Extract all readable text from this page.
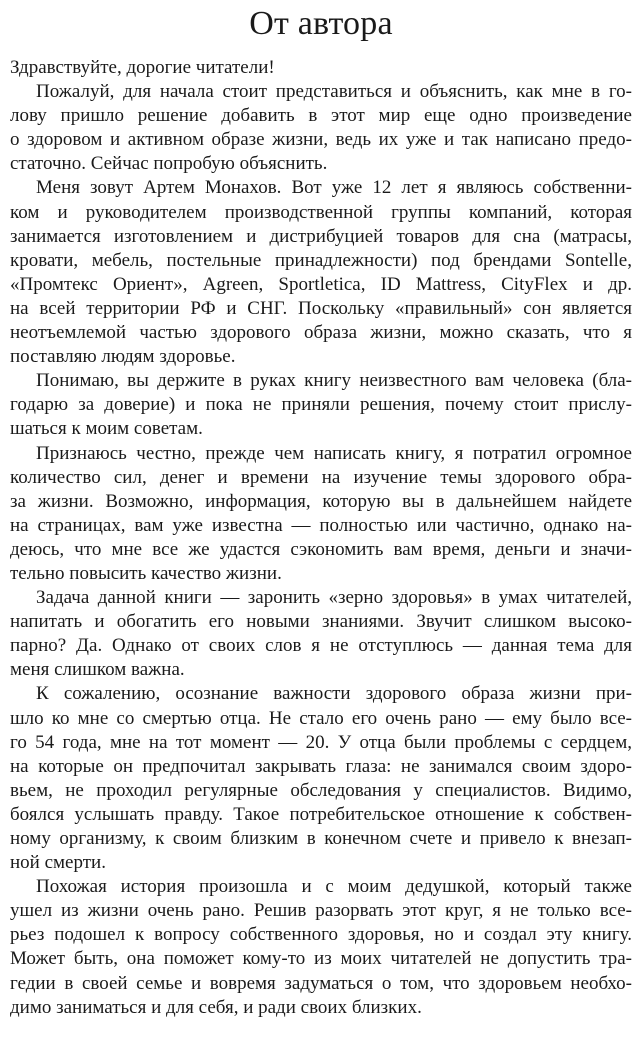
От автора
Здравствуйте, дорогие читатели!
Пожалуй, для начала стоит представиться и объяснить, как мне в го-
лову пришло решение добавить в этот мир еще одно произведение
о здоровом и активном образе жизни, ведь их уже и так написано предо-
статочно. Сейчас попробую объяснить.
Меня зовут Артем Монахов. Вот уже 12 лет я являюсь собственни-
ком и руководителем производственной группы компаний, которая
занимается изготовлением и дистрибуцией товаров для сна (матрасы,
кровати, мебель, постельные принадлежности) под брендами Sontelle,
«Промтекс Ориент», Agreen, Sportletica, ID Mattress, CityFlex и др.
на всей территории РФ и СНГ. Поскольку «правильный» сон является
неотъемлемой частью здорового образа жизни, можно сказать, что я
поставляю людям здоровье.
Понимаю, вы держите в руках книгу неизвестного вам человека (бла-
годарю за доверие) и пока не приняли решения, почему стоит прислу-
шаться к моим советам.
Признаюсь честно, прежде чем написать книгу, я потратил огромное
количество сил, денег и времени на изучение темы здорового обра-
за жизни. Возможно, информация, которую вы в дальнейшем найдете
на страницах, вам уже известна — полностью или частично, однако на-
деюсь, что мне все же удастся сэкономить вам время, деньги и значи-
тельно повысить качество жизни.
Задача данной книги — заронить «зерно здоровья» в умах читателей,
напитать и обогатить его новыми знаниями. Звучит слишком высоко-
парно? Да. Однако от своих слов я не отступлюсь — данная тема для
меня слишком важна.
К сожалению, осознание важности здорового образа жизни при-
шло ко мне со смертью отца. Не стало его очень рано — ему было все-
го 54 года, мне на тот момент — 20. У отца были проблемы с сердцем,
на которые он предпочитал закрывать глаза: не занимался своим здоро-
вьем, не проходил регулярные обследования у специалистов. Видимо,
боялся услышать правду. Такое потребительское отношение к собствен-
ному организму, к своим близким в конечном счете и привело к внезап-
ной смерти.
Похожая история произошла и с моим дедушкой, который также
ушел из жизни очень рано. Решив разорвать этот круг, я не только все-
рьез подошел к вопросу собственного здоровья, но и создал эту книгу.
Может быть, она поможет кому-то из моих читателей не допустить тра-
гедии в своей семье и вовремя задуматься о том, что здоровьем необхо-
димо заниматься и для себя, и ради своих близких.
